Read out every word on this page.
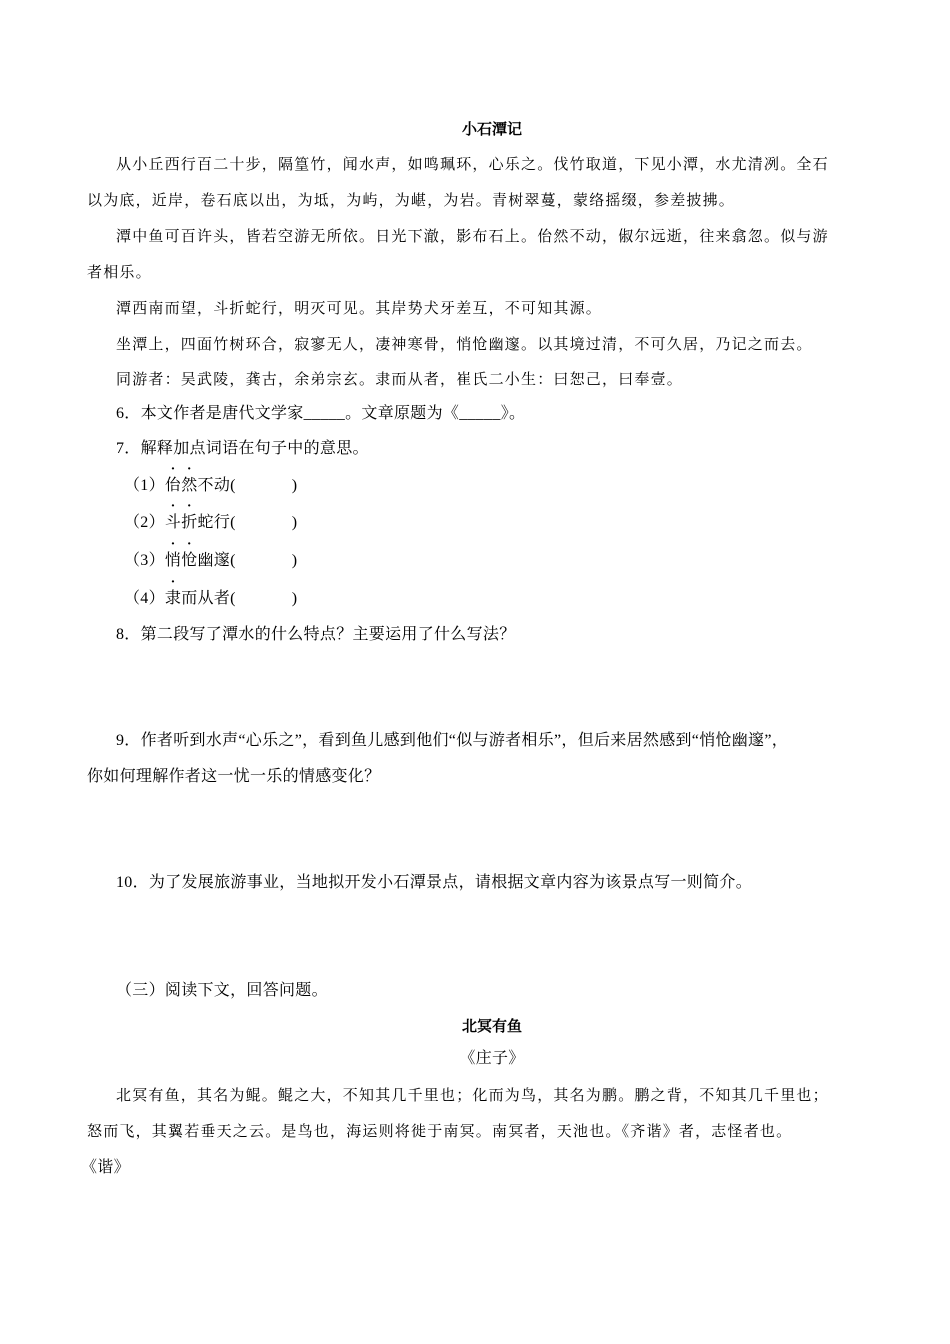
小石潭记
从小丘西行百二十步，隔篁竹，闻水声，如鸣珮环，心乐之。伐竹取道，下见小潭，水尤清冽。全石
以为底，近岸，卷石底以出，为坻，为屿，为嵁，为岩。青树翠蔓，蒙络摇缀，参差披拂。
潭中鱼可百许头，皆若空游无所依。日光下澈，影布石上。佁然不动，俶尔远逝，往来翕忽。似与游
者相乐。
潭西南而望，斗折蛇行，明灭可见。其岸势犬牙差互，不可知其源。
坐潭上，四面竹树环合，寂寥无人，凄神寒骨，悄怆幽邃。以其境过清，不可久居，乃记之而去。
同游者：吴武陵，龚古，余弟宗玄。隶而从者，崔氏二小生：曰恕己，曰奉壹。
6．本文作者是唐代文学家_____。文章原题为《_____》。
7．解释加点词语在句子中的意思。
（1）佁然不动(	)
（2）斗折蛇行(	)
（3）悄怆幽邃(	)
（4）隶而从者(	)
8．第二段写了潭水的什么特点？主要运用了什么写法？
9．作者听到水声“心乐之”，看到鱼儿感到他们“似与游者相乐”，但后来居然感到“悄怆幽邃”，
你如何理解作者这一忧一乐的情感变化？
10．为了发展旅游事业，当地拟开发小石潭景点，请根据文章内容为该景点写一则简介。
（三）阅读下文，回答问题。
北冥有鱼
《庄子》
北冥有鱼，其名为鲲。鲲之大，不知其几千里也；化而为鸟，其名为鹏。鹏之背，不知其几千里也；
怒而飞，其翼若垂天之云。是鸟也，海运则将徙于南冥。南冥者，天池也。《齐谐》者，志怪者也。
《谐》
